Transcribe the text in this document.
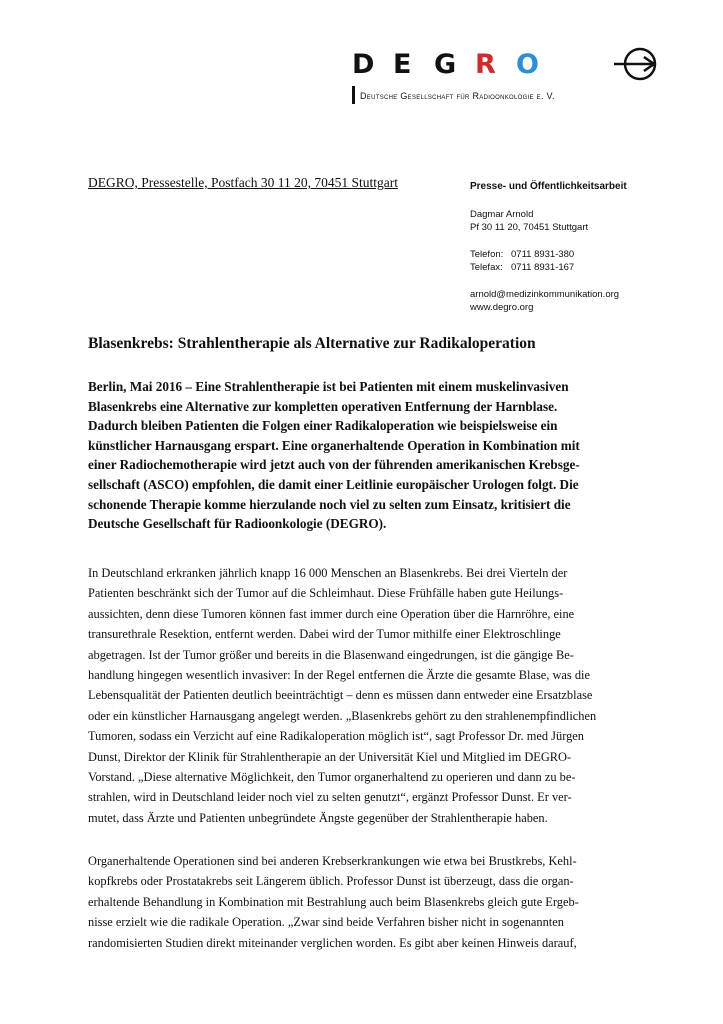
D E G R O
Deutsche Gesellschaft für Radioonkologie e. V.
DEGRO, Pressestelle, Postfach 30 11 20, 70451 Stuttgart	Presse- und Öffentlichkeitsarbeit
Dagmar Arnold
Pf 30 11 20, 70451 Stuttgart
Telefon: 0711 8931-380
Telefax: 0711 8931-167
arnold@medizinkommunikation.org
www.degro.org
Blasenkrebs: Strahlentherapie als Alternative zur Radikaloperation
Berlin, Mai 2016 – Eine Strahlentherapie ist bei Patienten mit einem muskelinvasiven
Blasenkrebs eine Alternative zur kompletten operativen Entfernung der Harnblase.
Dadurch bleiben Patienten die Folgen einer Radikaloperation wie beispielsweise ein
künstlicher Harnausgang erspart. Eine organerhaltende Operation in Kombination mit
einer Radiochemotherapie wird jetzt auch von der führenden amerikanischen Krebsge-
sellschaft (ASCO) empfohlen, die damit einer Leitlinie europäischer Urologen folgt. Die
schonende Therapie komme hierzulande noch viel zu selten zum Einsatz, kritisiert die
Deutsche Gesellschaft für Radioonkologie (DEGRO).
In Deutschland erkranken jährlich knapp 16 000 Menschen an Blasenkrebs. Bei drei Vierteln der
Patienten beschränkt sich der Tumor auf die Schleimhaut. Diese Frühfälle haben gute Heilungs-
aussichten, denn diese Tumoren können fast immer durch eine Operation über die Harnröhre, eine
transurethrale Resektion, entfernt werden. Dabei wird der Tumor mithilfe einer Elektroschlinge
abgetragen. Ist der Tumor größer und bereits in die Blasenwand eingedrungen, ist die gängige Be-
handlung hingegen wesentlich invasiver: In der Regel entfernen die Ärzte die gesamte Blase, was die
Lebensqualität der Patienten deutlich beeinträchtigt – denn es müssen dann entweder eine Ersatzblase
oder ein künstlicher Harnausgang angelegt werden. „Blasenkrebs gehört zu den strahlenempfindlichen
Tumoren, sodass ein Verzicht auf eine Radikaloperation möglich ist“, sagt Professor Dr. med Jürgen
Dunst, Direktor der Klinik für Strahlentherapie an der Universität Kiel und Mitglied im DEGRO-
Vorstand. „Diese alternative Möglichkeit, den Tumor organerhaltend zu operieren und dann zu be-
strahlen, wird in Deutschland leider noch viel zu selten genutzt“, ergänzt Professor Dunst. Er ver-
mutet, dass Ärzte und Patienten unbegründete Ängste gegenüber der Strahlentherapie haben.
Organerhaltende Operationen sind bei anderen Krebserkrankungen wie etwa bei Brustkrebs, Kehl-
kopfkrebs oder Prostatakrebs seit Längerem üblich. Professor Dunst ist überzeugt, dass die organ-
erhaltende Behandlung in Kombination mit Bestrahlung auch beim Blasenkrebs gleich gute Ergeb-
nisse erzielt wie die radikale Operation. „Zwar sind beide Verfahren bisher nicht in sogenannten
randomisierten Studien direkt miteinander verglichen worden. Es gibt aber keinen Hinweis darauf,
